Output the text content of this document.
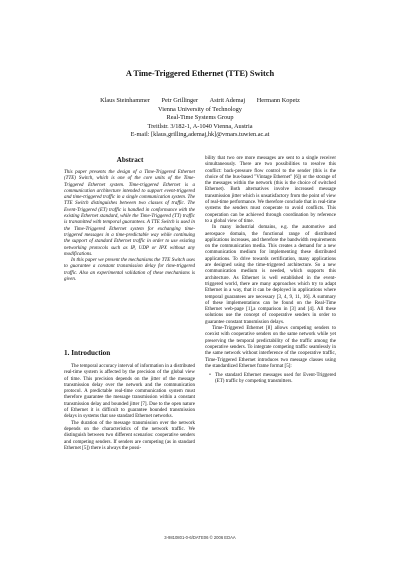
A Time-Triggered Ethernet (TTE) Switch
Klaus Steinhammer Petr Grillinger Astrit Ademaj Hermann Kopetz
Vienna University of Technology
Real-Time Systems Group
Treitlstr. 3/182-1, A-1040 Vienna, Austria
E-mail: [klaus,grilling,ademaj,hk]@vmars.tuwien.ac.at
Abstract

This paper presents the design of a Time-Triggered Ethernet (TTE) Switch, which is one of the core units of the Time-Triggered Ethernet system. Time-triggered Ethernet is a communication architecture intended to support event-triggered and time-triggered traffic in a single communication system. The TTE Switch distinguishes between two classes of traffic. The Event-Triggered (ET) traffic is handled in conformance with the existing Ethernet standard, while the Time-Triggered (TT) traffic is transmitted with temporal guarantees. A TTE Switch is used in the Time-Triggered Ethernet system for exchanging time-triggered messages in a time-predictable way while continuing the support of standard Ethernet traffic in order to use existing networking protocols such as IP, UDP or IPX without any modifications.

In this paper we present the mechanisms the TTE Switch uses to guarantee a constant transmission delay for time-triggered traffic. Also an experimental validation of these mechanisms is given.

1. Introduction

The temporal accuracy interval of information in a distributed real-time system is affected by the precision of the global view of time. This precision depends on the jitter of the message transmission delay over the network and the communication protocol. A predictable real-time communication system must therefore guarantee the message transmission within a constant transmission delay and bounded jitter [7]. Due to the open nature of Ethernet it is difficult to guarantee bounded transmission delays in systems that use standard Ethernet networks.

The duration of the message transmission over the network depends on the characteristics of the network traffic. We distinguish between two different scenarios: cooperative senders and competing senders. If senders are competing (as in standard Ethernet [5]) there is always the possi-

bility that two ore more messages are sent to a single receiver simultaneously. There are two possibilities to resolve this conflict: back-pressure flow control to the sender (this is the choice of the bus-based "Vintage Ethernet" [6]) or the storage of the messages within the network (this is the choice of switched Ethernet). Both alternatives involve increased message transmission jitter which is unsatisfactory from the point of view of real-time performance. We therefore conclude that in real-time systems the senders must cooperate to avoid conflicts. This cooperation can be achieved through coordination by reference to a global view of time.

In many industrial domains, e.g. the automotive and aerospace domain, the functional range of distributed applications increases, and therefore the bandwidth requirements on the communication media. This creates a demand for a new communication medium for implementing these distributed applications. To drive towards certification, many applications are designed using the time-triggered architecture. So a new communication medium is needed, which supports this architecture. As Ethernet is well established in the event-triggered world, there are many approaches which try to adapt Ethernet in a way, that it can be deployed in applications where temporal guarantees are necessary [3, 4, 9, 11, 16]. A summary of these implementations can be found on the Real-Time Ethernet web-page [1],a comparison in [3] and [4]. All these solutions use the concept of cooperative senders in order to guarantee constant transmission delays.

Time-Triggered Ethernet [8] allows competing senders to coexist with cooperative senders on the same network while yet preserving the temporal predictability of the traffic among the cooperative senders. To integrate competing traffic seamlessly in the same network without interference of the cooperative traffic, Time-Triggered Ethernet introduces two message classes using the standardized Ethernet frame format [5]:

• The standard Ethernet messages used for Event-Triggered (ET) traffic by competing transmitters.
3-9810801-0-6/DATE06 © 2006 EDAA
